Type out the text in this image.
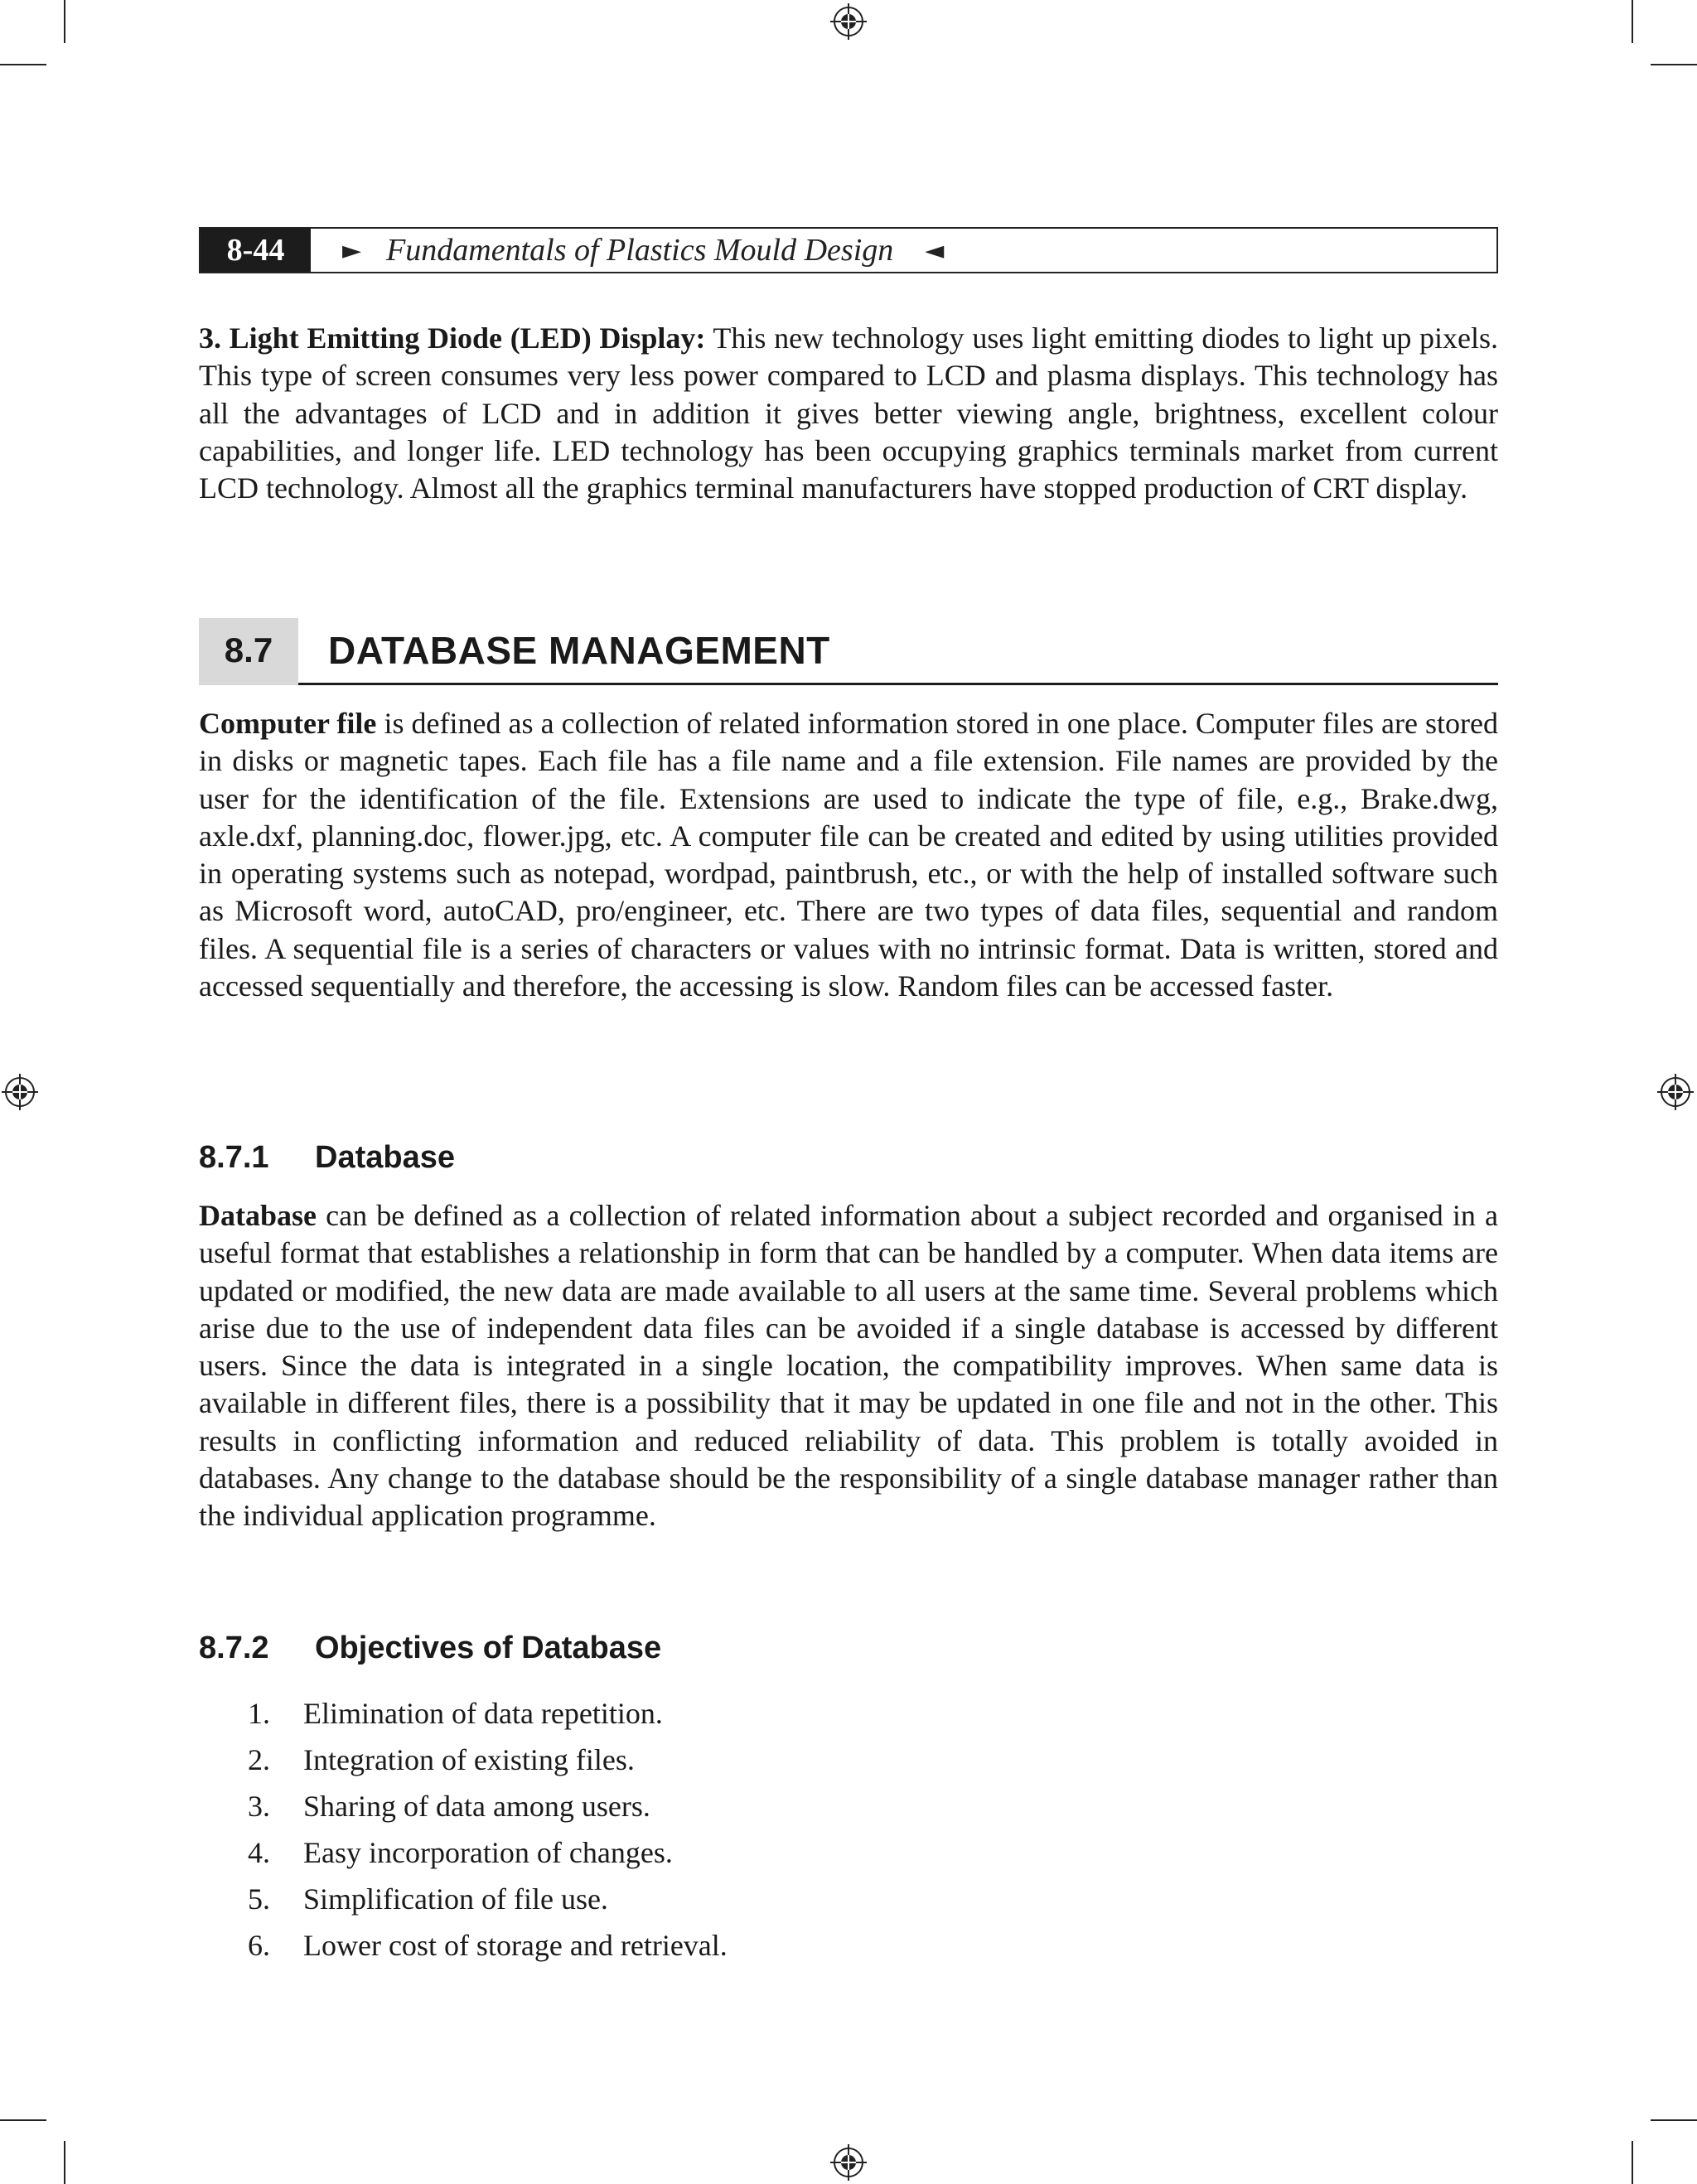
8-44	► Fundamentals of Plastics Mould Design ◄

3. Light Emitting Diode (LED) Display: This new technology uses light emitting diodes to light up pixels. This type of screen consumes very less power compared to LCD and plasma displays. This technology has all the advantages of LCD and in addition it gives better viewing angle, brightness, excellent colour capabilities, and longer life. LED technology has been occupying graphics terminals market from current LCD technology. Almost all the graphics terminal manufacturers have stopped production of CRT display.

8.7	DATABASE MANAGEMENT

Computer file is defined as a collection of related information stored in one place. Computer files are stored in disks or magnetic tapes. Each file has a file name and a file extension. File names are provided by the user for the identification of the file. Extensions are used to indicate the type of file, e.g., Brake.dwg, axle.dxf, planning.doc, flower.jpg, etc. A computer file can be created and edited by using utilities provided in operating systems such as notepad, wordpad, paintbrush, etc., or with the help of installed software such as Microsoft word, autoCAD, pro/engineer, etc. There are two types of data files, sequential and random files. A sequential file is a series of characters or values with no intrinsic format. Data is written, stored and accessed sequentially and therefore, the accessing is slow. Random files can be accessed faster.

8.7.1	Database

Database can be defined as a collection of related information about a subject recorded and organised in a useful format that establishes a relationship in form that can be handled by a computer. When data items are updated or modified, the new data are made available to all users at the same time. Several problems which arise due to the use of independent data files can be avoided if a single database is accessed by different users. Since the data is integrated in a single location, the compatibility improves. When same data is available in different files, there is a possibility that it may be updated in one file and not in the other. This results in conflicting information and reduced reliability of data. This problem is totally avoided in databases. Any change to the database should be the responsibility of a single database manager rather than the individual application programme.

8.7.2	Objectives of Database
1.	Elimination of data repetition.
2.	Integration of existing files.
3.	Sharing of data among users.
4.	Easy incorporation of changes.
5.	Simplification of file use.
6.	Lower cost of storage and retrieval.
